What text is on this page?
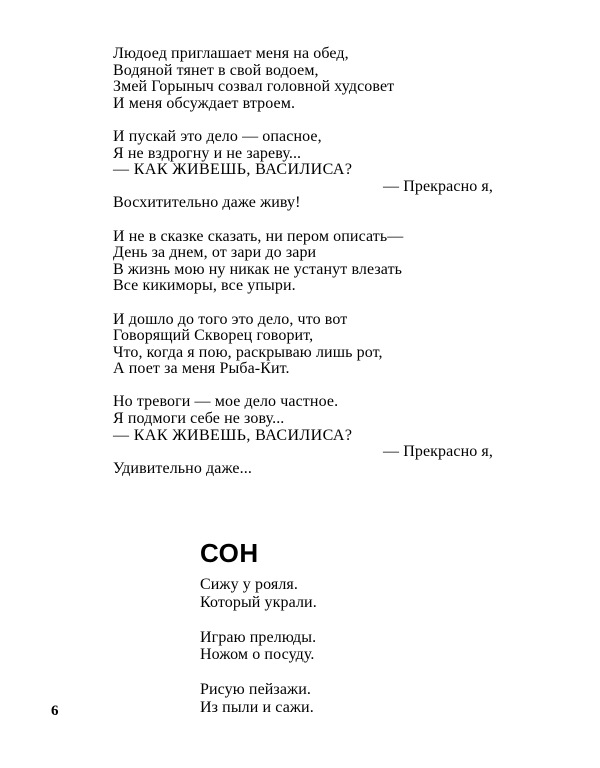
Людоед приглашает меня на обед,
Водяной тянет в свой водоем,
Змей Горыныч созвал головной худсовет
И меня обсуждает втроем.
И пускай это дело — опасное,
Я не вздрогну и не зареву...
— КАК ЖИВЕШЬ, ВАСИЛИСА?
— Прекрасно я,
Восхитительно даже живу!
И не в сказке сказать, ни пером описать—
День за днем, от зари до зари
В жизнь мою ну никак не устанут влезать
Все кикиморы, все упыри.
И дошло до того это дело, что вот
Говорящий Скворец говорит,
Что, когда я пою, раскрываю лишь рот,
А поет за меня Рыба-Кит.
Но тревоги — мое дело частное.
Я подмоги себе не зову...
— КАК ЖИВЕШЬ, ВАСИЛИСА?
— Прекрасно я,
Удивительно даже...
СОН
Сижу у рояля.
Который украли.
Играю прелюды.
Ножом о посуду.
Рисую пейзажи.
Из пыли и сажи.
6
